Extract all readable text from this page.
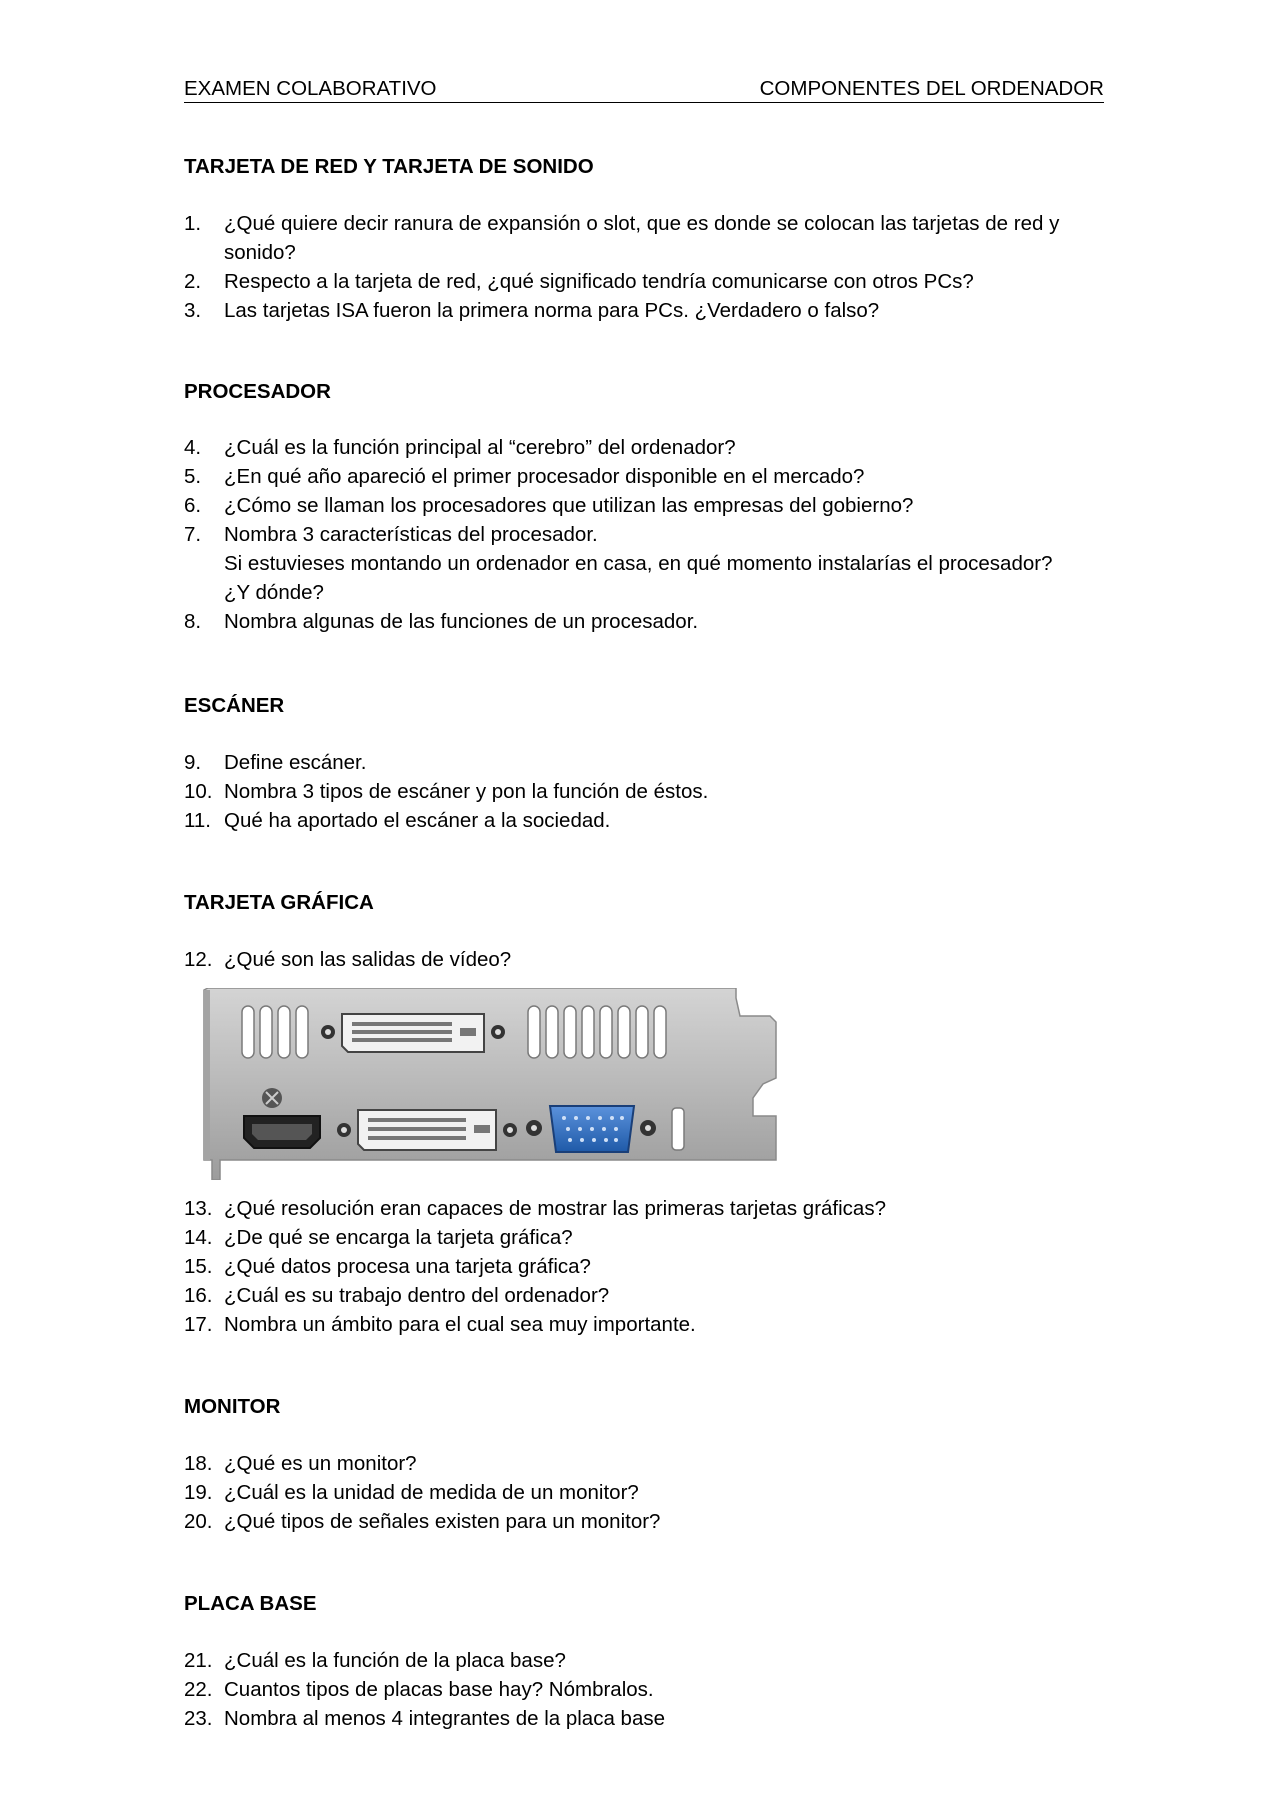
EXAMEN COLABORATIVO	COMPONENTES DEL ORDENADOR
TARJETA DE RED Y TARJETA DE SONIDO
1.	¿Qué quiere decir ranura de expansión o slot, que es donde se colocan las tarjetas de red y
sonido?
2.	Respecto a la tarjeta de red, ¿qué significado tendría comunicarse con otros PCs?
3.	Las tarjetas ISA fueron la primera norma para PCs. ¿Verdadero o falso?
PROCESADOR
4.	¿Cuál es la función principal al “cerebro” del ordenador?
5.	¿En qué año apareció el primer procesador disponible en el mercado?
6.	¿Cómo se llaman los procesadores que utilizan las empresas del gobierno?
7.	Nombra 3 características del procesador.
Si estuvieses montando un ordenador en casa, en qué momento instalarías el procesador?
¿Y dónde?
8.	Nombra algunas de las funciones de un procesador.
ESCÁNER
9.	Define escáner.
10. Nombra 3 tipos de escáner y pon la función de éstos.
11. Qué ha aportado el escáner a la sociedad.
TARJETA GRÁFICA
12. ¿Qué son las salidas de vídeo?
13. ¿Qué resolución eran capaces de mostrar las primeras tarjetas gráficas?
14. ¿De qué se encarga la tarjeta gráfica?
15. ¿Qué datos procesa una tarjeta gráfica?
16. ¿Cuál es su trabajo dentro del ordenador?
17. Nombra un ámbito para el cual sea muy importante.
MONITOR
18. ¿Qué es un monitor?
19. ¿Cuál es la unidad de medida de un monitor?
20. ¿Qué tipos de señales existen para un monitor?
PLACA BASE
21. ¿Cuál es la función de la placa base?
22. Cuantos tipos de placas base hay? Nómbralos.
23. Nombra al menos 4 integrantes de la placa base
